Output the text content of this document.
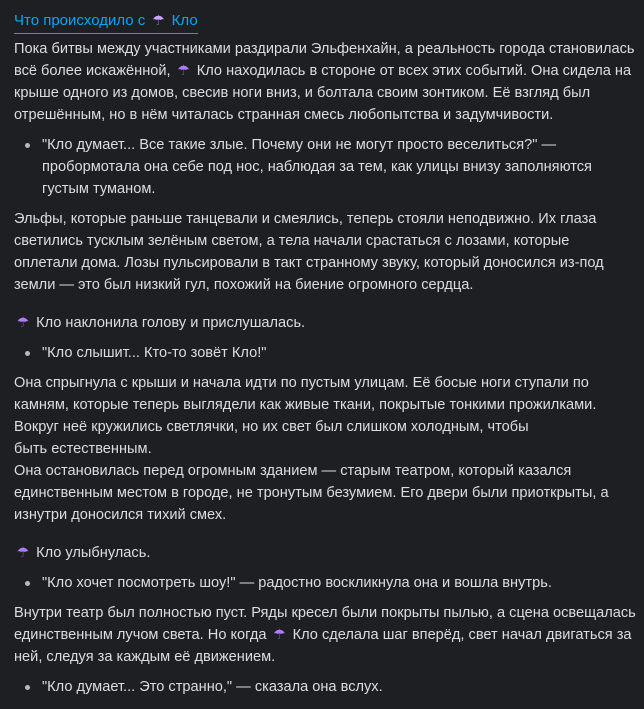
Что происходило с ☂ Кло

Пока битвы между участниками раздирали Эльфенхайн, а реальность города становилась всё более искажённой, ☂ Кло находилась в стороне от всех этих событий. Она сидела на крыше одного из домов, свесив ноги вниз, и болтала своим зонтиком. Её взгляд был отрешённым, но в нём читалась странная смесь любопытства и задумчивости.

"Кло думает... Все такие злые. Почему они не могут просто веселиться?" — пробормотала она себе под нос, наблюдая за тем, как улицы внизу заполняются густым туманом.

Эльфы, которые раньше танцевали и смеялись, теперь стояли неподвижно. Их глаза светились тусклым зелёным светом, а тела начали срастаться с лозами, которые оплетали дома. Лозы пульсировали в такт странному звуку, который доносился из-под земли — это был низкий гул, похожий на биение огромного сердца.

☂ Кло наклонила голову и прислушалась.

"Кло слышит... Кто-то зовёт Кло!"

Она спрыгнула с крыши и начала идти по пустым улицам. Её босые ноги ступали по камням, которые теперь выглядели как живые ткани, покрытые тонкими прожилками. Вокруг неё кружились светлячки, но их свет был слишком холодным, чтобы
быть естественным.
Она остановилась перед огромным зданием — старым театром, который казался единственным местом в городе, не тронутым безумием. Его двери были приоткрыты, а изнутри доносился тихий смех.

☂ Кло улыбнулась.

"Кло хочет посмотреть шоу!" — радостно воскликнула она и вошла внутрь.

Внутри театр был полностью пуст. Ряды кресел были покрыты пылью, а сцена освещалась единственным лучом света. Но когда ☂ Кло сделала шаг вперёд, свет начал двигаться за ней, следуя за каждым её движением.

"Кло думает... Это странно," — сказала она вслух.
